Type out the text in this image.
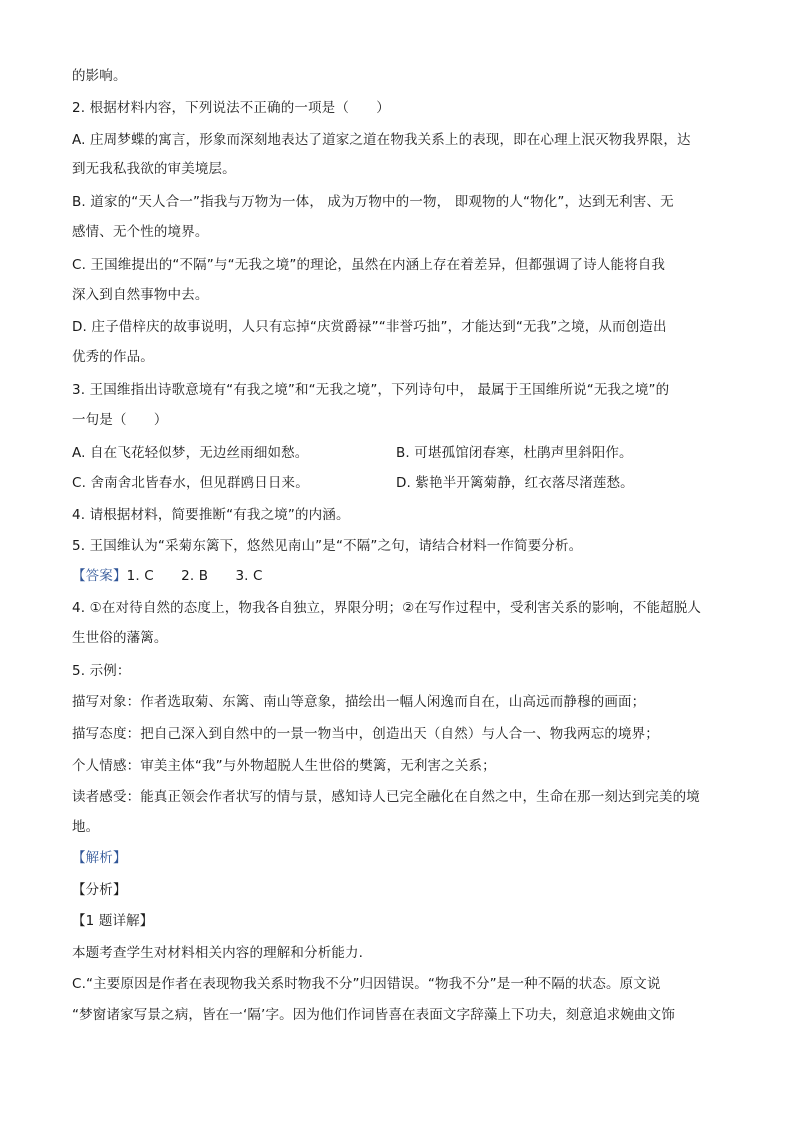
的影响。
2. 根据材料内容，下列说法不正确的一项是（　　）
A. 庄周梦蝶的寓言，形象而深刻地表达了道家之道在物我关系上的表现，即在心理上泯灭物我界限，达
到无我私我欲的审美境层。
B. 道家的“天人合一”指我与万物为一体， 成为万物中的一物， 即观物的人“物化”，达到无利害、无
感情、无个性的境界。
C. 王国维提出的“不隔”与“无我之境”的理论，虽然在内涵上存在着差异，但都强调了诗人能将自我
深入到自然事物中去。
D. 庄子借梓庆的故事说明，人只有忘掉“庆赏爵禄”“非誉巧拙”，才能达到“无我”之境，从而创造出
优秀的作品。
3. 王国维指出诗歌意境有“有我之境”和“无我之境”，下列诗句中， 最属于王国维所说“无我之境”的
一句是（　　）
A. 自在飞花轻似梦，无边丝雨细如愁。	B. 可堪孤馆闭春寒，杜鹃声里斜阳作。
C. 舍南舍北皆春水，但见群鸥日日来。	D. 紫艳半开篱菊静，红衣落尽渚莲愁。
4. 请根据材料，简要推断“有我之境”的内涵。
5. 王国维认为“采菊东篱下，悠然见南山”是“不隔”之句，请结合材料一作简要分析。
【答案】1. C　　2. B　　3. C
4. ①在对待自然的态度上，物我各自独立，界限分明；②在写作过程中，受利害关系的影响，不能超脱人
生世俗的藩篱。
5. 示例：
描写对象：作者选取菊、东篱、南山等意象，描绘出一幅人闲逸而自在，山高远而静穆的画面；
描写态度：把自己深入到自然中的一景一物当中，创造出天（自然）与人合一、物我两忘的境界；
个人情感：审美主体“我”与外物超脱人生世俗的樊篱，无利害之关系；
读者感受：能真正领会作者状写的情与景，感知诗人已完全融化在自然之中，生命在那一刻达到完美的境
地。
【解析】
【分析】
【1 题详解】
本题考查学生对材料相关内容的理解和分析能力.
C.“主要原因是作者在表现物我关系时物我不分”归因错误。“物我不分”是一种不隔的状态。原文说
“梦窗诸家写景之病，皆在一‘隔’字。因为他们作词皆喜在表面文字辞藻上下功夫，刻意追求婉曲文饰
